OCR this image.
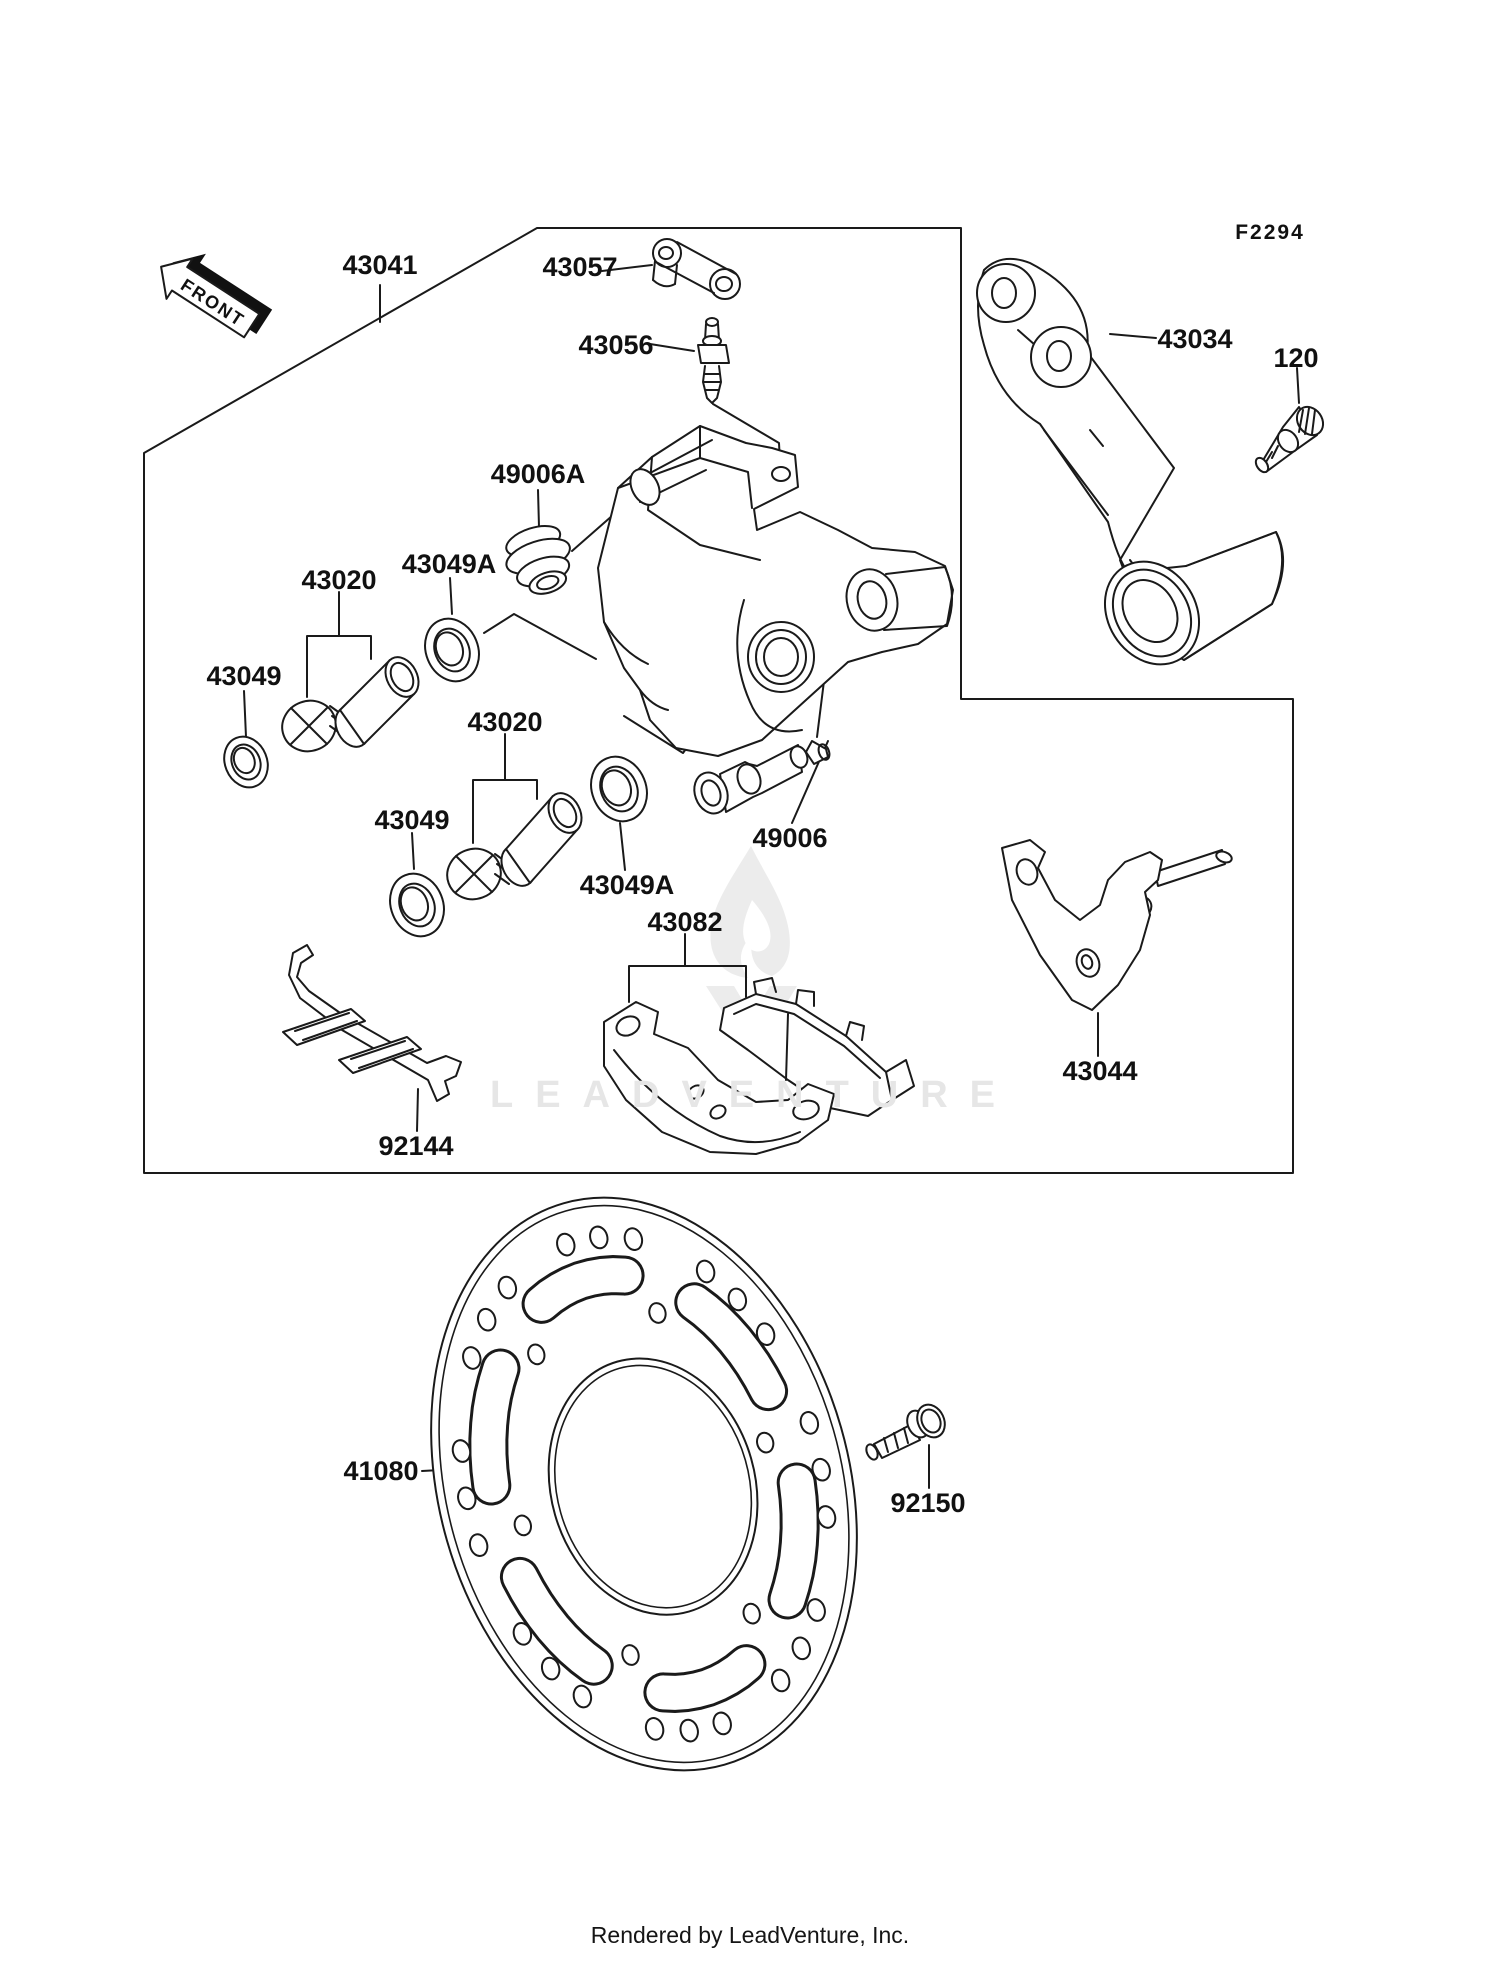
FRONT
43041	43057
43056	43034
120
49006A
43049A
43020
43049
43020
43049
43049A
49006
43082
92144
43044
41080
92150
F2294
LEADVENTURE
Rendered by LeadVenture, Inc.
